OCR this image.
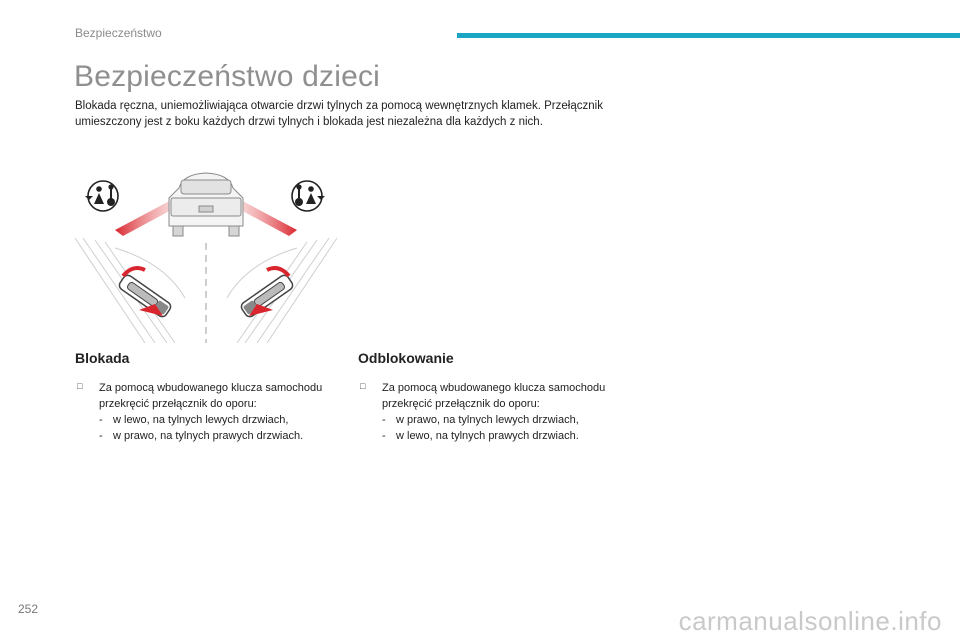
Bezpieczeństwo
Bezpieczeństwo dzieci

Blokada ręczna, uniemożliwiająca otwarcie drzwi tylnych za pomocą wewnętrznych klamek. Przełącznik umieszczony jest z boku każdych drzwi tylnych i blokada jest niezależna dla każdych z nich.

Blokada
□	Za pomocą wbudowanego klucza samochodu przekręcić przełącznik do oporu:
- w lewo, na tylnych lewych drzwiach,
- w prawo, na tylnych prawych drzwiach.
Odblokowanie
□	Za pomocą wbudowanego klucza samochodu przekręcić przełącznik do oporu:
- w prawo, na tylnych lewych drzwiach,
- w lewo, na tylnych prawych drzwiach.
252	carmanualsonline.info
